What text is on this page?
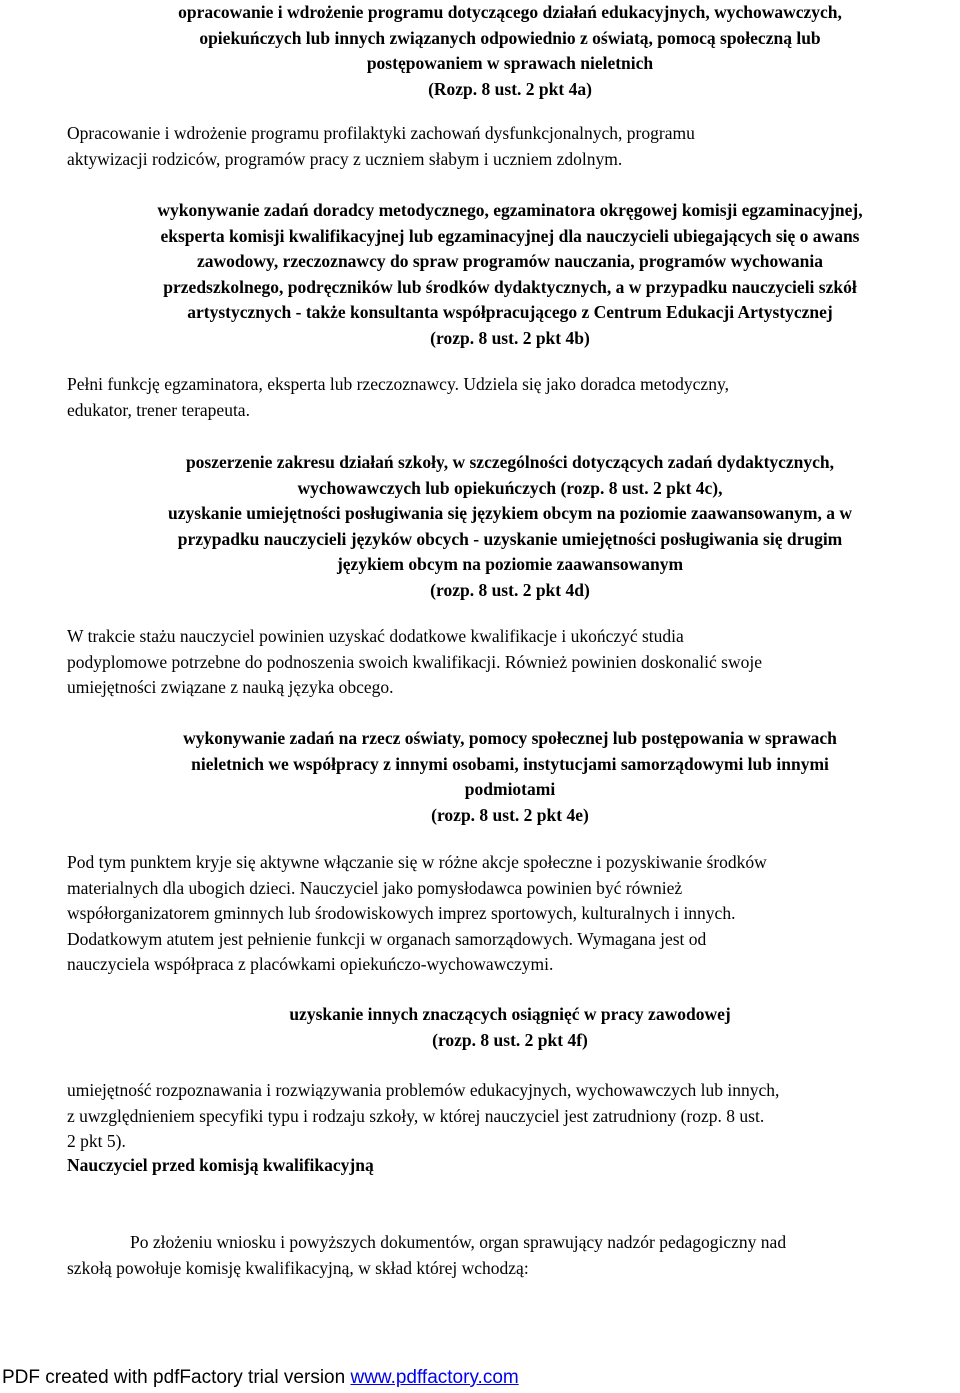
opracowanie i wdrożenie programu dotyczącego działań edukacyjnych, wychowawczych,
opiekuńczych lub innych związanych odpowiednio z oświatą, pomocą społeczną lub
postępowaniem w sprawach nieletnich
(Rozp. 8 ust. 2 pkt 4a)
Opracowanie i wdrożenie programu profilaktyki zachowań dysfunkcjonalnych, programu
aktywizacji rodziców, programów pracy z uczniem słabym i uczniem zdolnym.
wykonywanie zadań doradcy metodycznego, egzaminatora okręgowej komisji egzaminacyjnej,
eksperta komisji kwalifikacyjnej lub egzaminacyjnej dla nauczycieli ubiegających się o awans
zawodowy, rzeczoznawcy do spraw programów nauczania, programów wychowania
przedszkolnego, podręczników lub środków dydaktycznych, a w przypadku nauczycieli szkół
artystycznych - także konsultanta współpracującego z Centrum Edukacji Artystycznej
(rozp. 8 ust. 2 pkt 4b)
Pełni funkcję egzaminatora, eksperta lub rzeczoznawcy. Udziela się jako doradca metodyczny,
edukator, trener terapeuta.
poszerzenie zakresu działań szkoły, w szczególności dotyczących zadań dydaktycznych,
wychowawczych lub opiekuńczych (rozp. 8 ust. 2 pkt 4c),
uzyskanie umiejętności posługiwania się językiem obcym na poziomie zaawansowanym, a w
przypadku nauczycieli języków obcych - uzyskanie umiejętności posługiwania się drugim
językiem obcym na poziomie zaawansowanym
(rozp. 8 ust. 2 pkt 4d)
W trakcie stażu nauczyciel powinien uzyskać dodatkowe kwalifikacje i ukończyć studia
podyplomowe potrzebne do podnoszenia swoich kwalifikacji. Również powinien doskonalić swoje
umiejętności związane z nauką języka obcego.
wykonywanie zadań na rzecz oświaty, pomocy społecznej lub postępowania w sprawach
nieletnich we współpracy z innymi osobami, instytucjami samorządowymi lub innymi
podmiotami
(rozp. 8 ust. 2 pkt 4e)
Pod tym punktem kryje się aktywne włączanie się w różne akcje społeczne i pozyskiwanie środków
materialnych dla ubogich dzieci. Nauczyciel jako pomysłodawca powinien być również
współorganizatorem gminnych lub środowiskowych imprez sportowych, kulturalnych i innych.
Dodatkowym atutem jest pełnienie funkcji w organach samorządowych. Wymagana jest od
nauczyciela współpraca z placówkami opiekuńczo-wychowawczymi.
uzyskanie innych znaczących osiągnięć w pracy zawodowej
(rozp. 8 ust. 2 pkt 4f)
umiejętność rozpoznawania i rozwiązywania problemów edukacyjnych, wychowawczych lub innych,
z uwzględnieniem specyfiki typu i rodzaju szkoły, w której nauczyciel jest zatrudniony (rozp. 8 ust.
2 pkt 5).
Nauczyciel przed komisją kwalifikacyjną
Po złożeniu wniosku i powyższych dokumentów, organ sprawujący nadzór pedagogiczny nad
szkołą powołuje komisję kwalifikacyjną, w skład której wchodzą:
PDF created with pdfFactory trial version www.pdffactory.com
